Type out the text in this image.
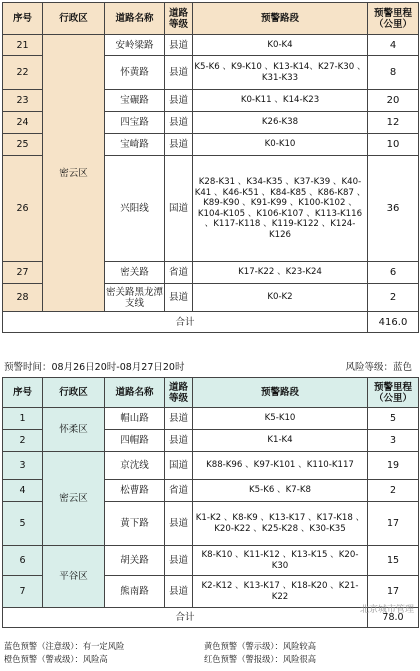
序号	行政区	道路名称	道路等级	预警路段	预警里程（公里）
21	密云区	安岭梁路	县道	K0-K4	4
22		怀黄路	县道	K5-K6 、K9-K10 、K13-K14、K27-K30 、K31-K33	8
23		宝碾路	县道	K0-K11 、K14-K23	20
24		四宝路	县道	K26-K38	12
25		宝崎路	县道	K0-K10	10
26		兴阳线	国道	K28-K31 、K34-K35 、K37-K39 、K40-K41 、K46-K51 、K84-K85 、K86-K87 、K89-K90 、K91-K99 、K100-K102 、K104-K105 、K106-K107 、K113-K116 、K117-K118 、K119-K122 、K124-K126	36
27		密关路	省道	K17-K22 、K23-K24	6
28		密关路黑龙潭支线	县道	K0-K2	2
合计					416.0
预警时间：08月26日20时-08月27日20时	风险等级：蓝色
序号	行政区	道路名称	道路等级	预警路段	预警里程（公里）
1	怀柔区	帽山路	县道	K5-K10	5
2		四帽路	县道	K1-K4	3
3	密云区	京沈线	国道	K88-K96 、K97-K101 、K110-K117	19
4		松曹路	省道	K5-K6 、K7-K8	2
5		黄下路	县道	K1-K2 、K8-K9 、K13-K17 、K17-K18 、K20-K22 、K25-K28 、K30-K35	17
6	平谷区	胡关路	县道	K8-K10 、K11-K12 、K13-K15 、K20-K30	15
7		熊南路	县道	K2-K12 、K13-K17 、K18-K20 、K21-K22	17
合计					78.0
北京城市管理
蓝色预警（注意级）：有一定风险	黄色预警（警示级）：风险较高
橙色预警（警戒级）：风险高	红色预警（警报级）：风险很高
